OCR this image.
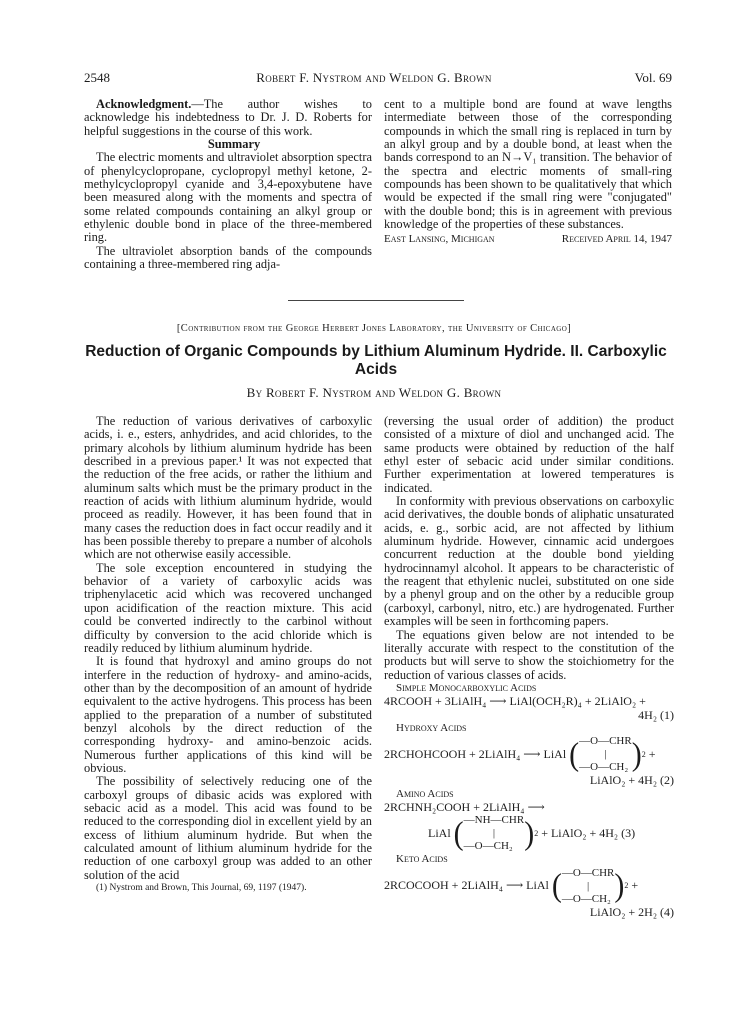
2548	Robert F. Nystrom and Weldon G. Brown	Vol. 69

Acknowledgment.—The author wishes to acknowledge his indebtedness to Dr. J. D. Roberts for helpful suggestions in the course of this work.

Summary

The electric moments and ultraviolet absorption spectra of phenylcyclopropane, cyclopropyl methyl ketone, 2-methylcyclopropyl cyanide and 3,4-epoxybutene have been measured along with the moments and spectra of some related compounds containing an alkyl group or ethylenic double bond in place of the three-membered ring.

The ultraviolet absorption bands of the compounds containing a three-membered ring adja-

cent to a multiple bond are found at wave lengths intermediate between those of the corresponding compounds in which the small ring is replaced in turn by an alkyl group and by a double bond, at least when the bands correspond to an N→V₁ transition. The behavior of the spectra and electric moments of small-ring compounds has been shown to be qualitatively that which would be expected if the small ring were "conjugated" with the double bond; this is in agreement with previous knowledge of the properties of these substances.

East Lansing, Michigan	Received April 14, 1947
[Contribution from the George Herbert Jones Laboratory, the University of Chicago]
Reduction of Organic Compounds by Lithium Aluminum Hydride. II. Carboxylic Acids
By Robert F. Nystrom and Weldon G. Brown

The reduction of various derivatives of carboxylic acids, i. e., esters, anhydrides, and acid chlorides, to the primary alcohols by lithium aluminum hydride has been described in a previous paper.¹ It was not expected that the reduction of the free acids, or rather the lithium and aluminum salts which must be the primary product in the reaction of acids with lithium aluminum hydride, would proceed as readily. However, it has been found that in many cases the reduction does in fact occur readily and it has been possible thereby to prepare a number of alcohols which are not otherwise easily accessible.

The sole exception encountered in studying the behavior of a variety of carboxylic acids was triphenylacetic acid which was recovered unchanged upon acidification of the reaction mixture. This acid could be converted indirectly to the carbinol without difficulty by conversion to the acid chloride which is readily reduced by lithium aluminum hydride.

It is found that hydroxyl and amino groups do not interfere in the reduction of hydroxy- and amino-acids, other than by the decomposition of an amount of hydride equivalent to the active hydrogens. This process has been applied to the preparation of a number of substituted benzyl alcohols by the direct reduction of the corresponding hydroxy- and amino-benzoic acids. Numerous further applications of this kind will be obvious.

The possibility of selectively reducing one of the carboxyl groups of dibasic acids was explored with sebacic acid as a model. This acid was found to be reduced to the corresponding diol in excellent yield by an excess of lithium aluminum hydride. But when the calculated amount of lithium aluminum hydride for the reduction of one carboxyl group was added to an other solution of the acid

(1) Nystrom and Brown, This Journal, 69, 1197 (1947).

(reversing the usual order of addition) the product consisted of a mixture of diol and unchanged acid. The same products were obtained by reduction of the half ethyl ester of sebacic acid under similar conditions. Further experimentation at lowered temperatures is indicated.

In conformity with previous observations on carboxylic acid derivatives, the double bonds of aliphatic unsaturated acids, e. g., sorbic acid, are not affected by lithium aluminum hydride. However, cinnamic acid undergoes concurrent reduction at the double bond yielding hydrocinnamyl alcohol. It appears to be characteristic of the reagent that ethylenic nuclei, substituted on one side by a phenyl group and on the other by a reducible group (carboxyl, carbonyl, nitro, etc.) are hydrogenated. Further examples will be seen in forthcoming papers.

The equations given below are not intended to be literally accurate with respect to the constitution of the products but will serve to show the stoichiometry for the reduction of various classes of acids.

Simple Monocarboxylic Acids

4RCOOH + 3LiAlH₄ ⟶ LiAl(OCH₂R)₄ + 2LiAlO₂ +
4H₂ (1)

Hydroxy Acids

2RCHOHCOOH + 2LiAlH₄ ⟶ LiAl ( —O—CHR
|
—O—CH₂ ) 2 +
LiAlO₂ + 4H₂ (2)

Amino Acids

2RCHNH₂COOH + 2LiAlH₄ ⟶
LiAl ( —NH—CHR
|
—O—CH₂ ) 2 + LiAlO₂ + 4H₂ (3)

Keto Acids

2RCOCOOH + 2LiAlH₄ ⟶ LiAl ( —O—CHR
|
—O—CH₂ ) 2 +
LiAlO₂ + 2H₂ (4)
